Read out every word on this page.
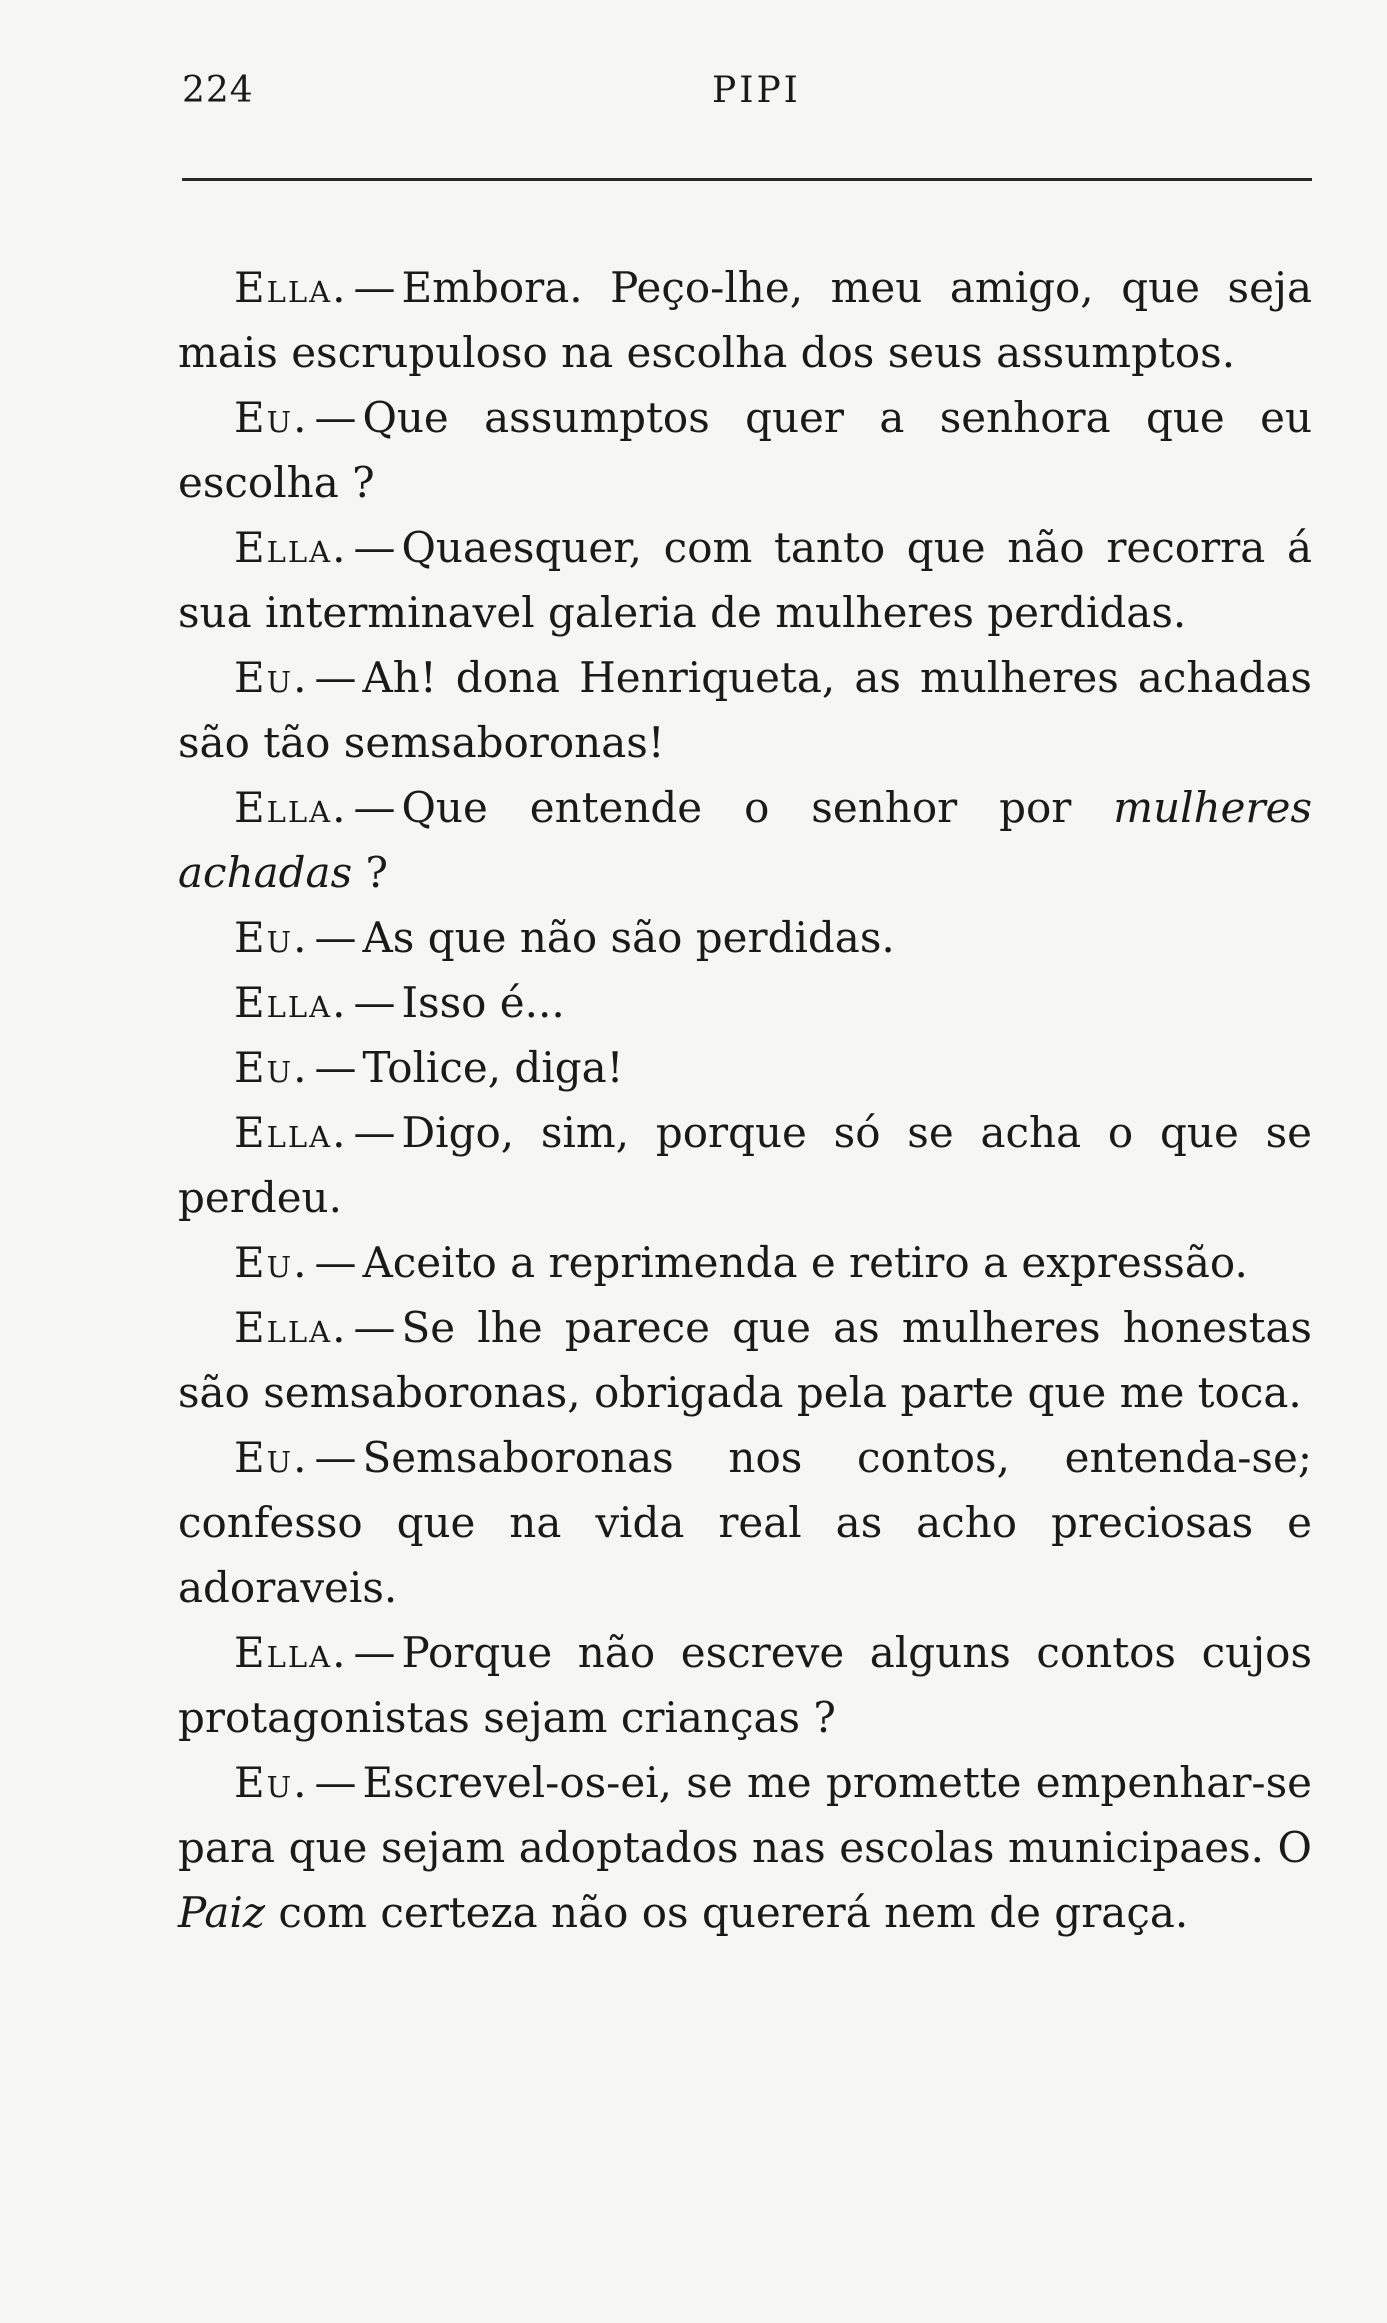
224	PIPI

Ella. — Embora. Peço-lhe, meu amigo, que seja mais escrupuloso na escolha dos seus assumptos.

Eu. — Que assumptos quer a senhora que eu escolha ?

Ella. — Quaesquer, com tanto que não recorra á sua interminavel galeria de mulheres perdidas.

Eu. — Ah! dona Henriqueta, as mulheres achadas são tão semsaboronas!

Ella. — Que entende o senhor por mulheres achadas ?

Eu. — As que não são perdidas.

Ella. — Isso é...

Eu. — Tolice, diga!

Ella. — Digo, sim, porque só se acha o que se perdeu.

Eu. — Aceito a reprimenda e retiro a expressão.

Ella. — Se lhe parece que as mulheres honestas são semsaboronas, obrigada pela parte que me toca.

Eu. — Semsaboronas nos contos, entenda-se; confesso que na vida real as acho preciosas e adoraveis.

Ella. — Porque não escreve alguns contos cujos protagonistas sejam crianças ?

Eu. — Escrevel-os-ei, se me promette empenhar-se para que sejam adoptados nas escolas municipaes. O Paiz com certeza não os quererá nem de graça.
